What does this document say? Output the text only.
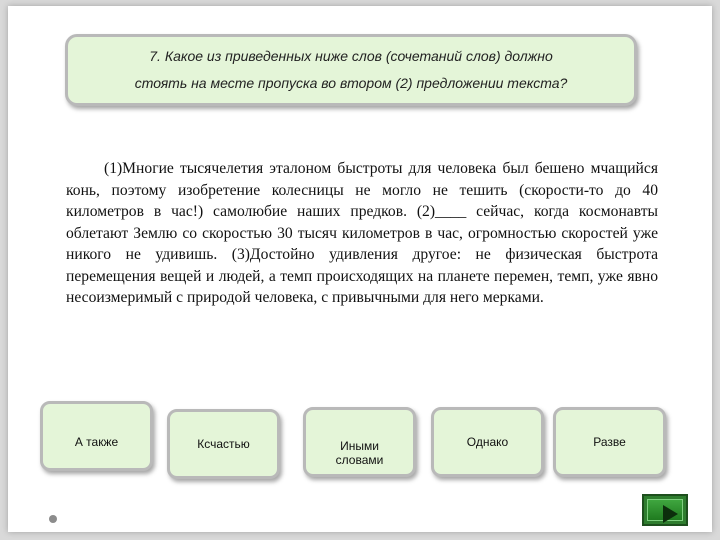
7. Какое из приведенных ниже слов (сочетаний слов) должно
стоять на месте пропуска во втором (2) предложении текста?
(1)Многие тысячелетия эталоном быстроты для человека был бешено мчащийся конь, поэтому изобретение колесницы не могло не тешить (скорости-то до 40 километров в час!) самолюбие наших предков. (2)____ сейчас, когда космонавты облетают Землю со скоростью 30 тысяч километров в час, огромностью скоростей уже никого не удивишь. (3)Достойно удивления другое: не физическая быстрота перемещения вещей и людей, а темп происходящих на планете перемен, темп, уже явно несоизмеримый с природой человека, с привычными для него мерками.
А также	Ксчастью	Иными
словами
Однако	Разве
